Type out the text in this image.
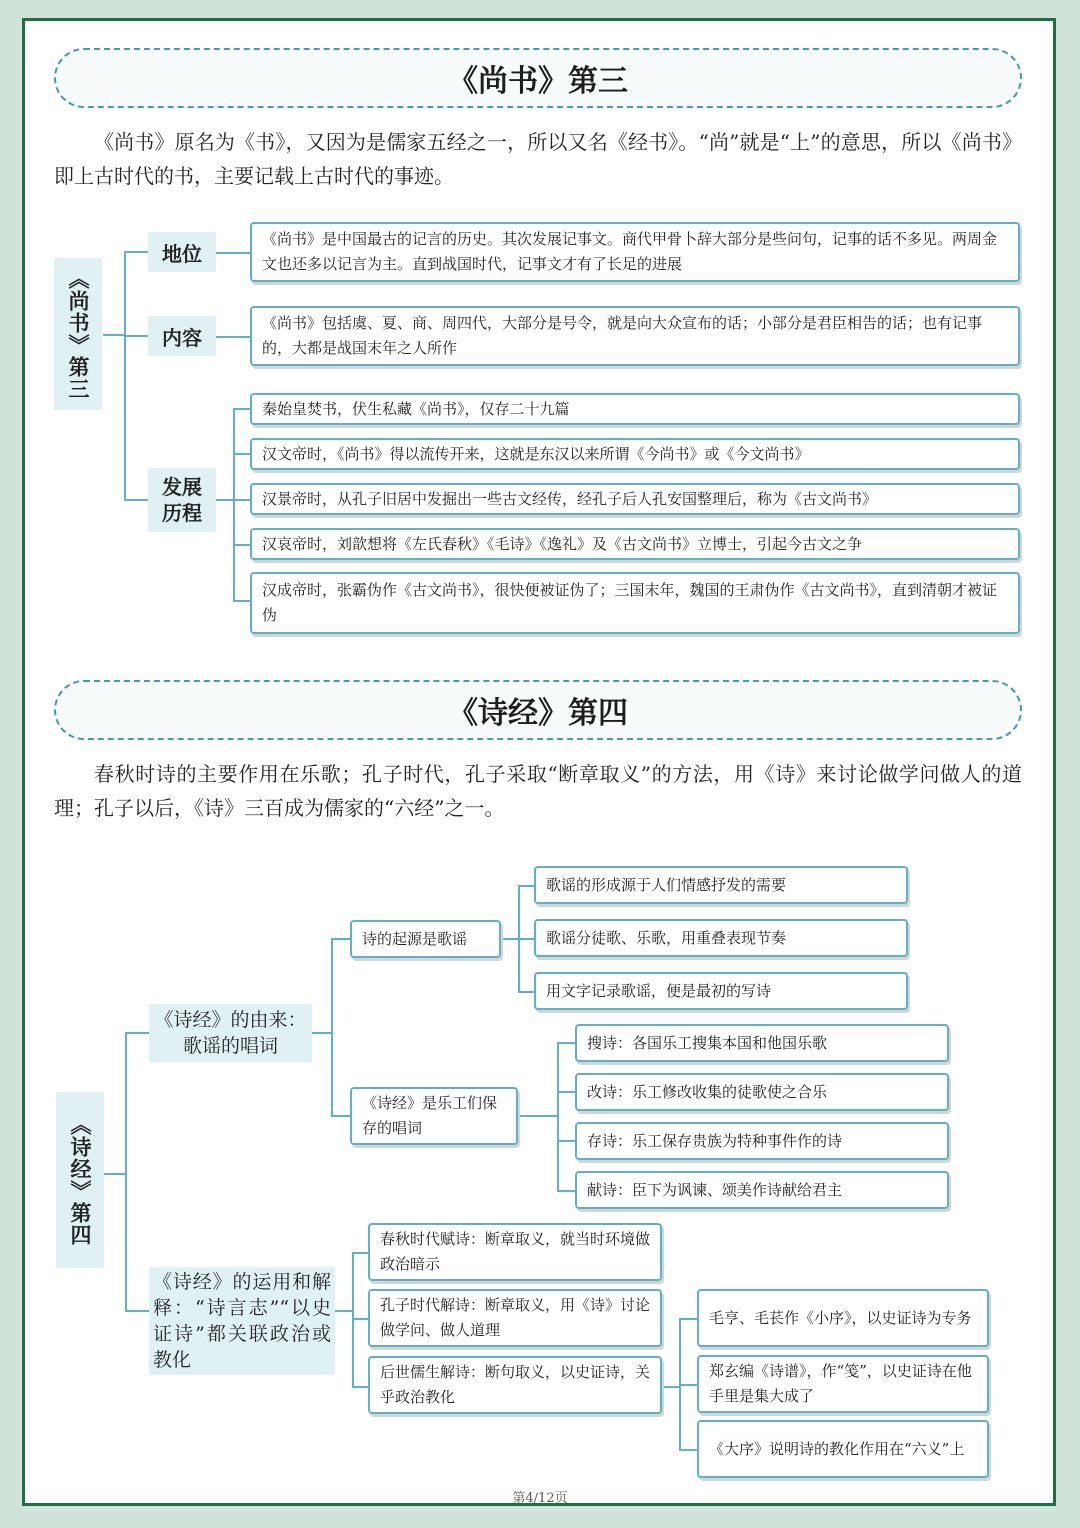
《尚书》第三

《尚书》原名为《书》，又因为是儒家五经之一，所以又名《经书》。“尚”就是“上”的意思，所以《尚书》即上古时代的书，主要记载上古时代的事迹。

《尚书》第三
地位
内容
发展历程
《尚书》是中国最古的记言的历史。其次发展记事文。商代甲骨卜辞大部分是些问句，记事的话不多见。两周金文也还多以记言为主。直到战国时代，记事文才有了长足的进展
《尚书》包括虞、夏、商、周四代，大部分是号令，就是向大众宣布的话；小部分是君臣相告的话；也有记事的，大都是战国末年之人所作
秦始皇焚书，伏生私藏《尚书》，仅存二十九篇
汉文帝时，《尚书》得以流传开来，这就是东汉以来所谓《今尚书》或《今文尚书》
汉景帝时，从孔子旧居中发掘出一些古文经传，经孔子后人孔安国整理后，称为《古文尚书》
汉哀帝时，刘歆想将《左氏春秋》《毛诗》《逸礼》及《古文尚书》立博士，引起今古文之争
汉成帝时，张霸伪作《古文尚书》，很快便被证伪了；三国末年，魏国的王肃伪作《古文尚书》，直到清朝才被证伪
《诗经》第四

春秋时诗的主要作用在乐歌；孔子时代，孔子采取“断章取义”的方法，用《诗》来讨论做学问做人的道理；孔子以后，《诗》三百成为儒家的“六经”之一。

《诗经》第四
《诗经》的由来：歌谣的唱词
《诗经》的运用和解释：“诗言志”“以史证诗”都关联政治或教化
诗的起源是歌谣
《诗经》是乐工们保存的唱词
歌谣的形成源于人们情感抒发的需要
歌谣分徒歌、乐歌，用重叠表现节奏
用文字记录歌谣，便是最初的写诗
搜诗：各国乐工搜集本国和他国乐歌
改诗：乐工修改收集的徒歌使之合乐
存诗：乐工保存贵族为特种事件作的诗
献诗：臣下为讽谏、颂美作诗献给君主
春秋时代赋诗：断章取义，就当时环境做政治暗示
孔子时代解诗：断章取义，用《诗》讨论做学问、做人道理
后世儒生解诗：断句取义，以史证诗，关乎政治教化
毛亨、毛苌作《小序》，以史证诗为专务
郑玄编《诗谱》，作“笺”，以史证诗在他手里是集大成了
《大序》说明诗的教化作用在“六义”上
第4/12页
